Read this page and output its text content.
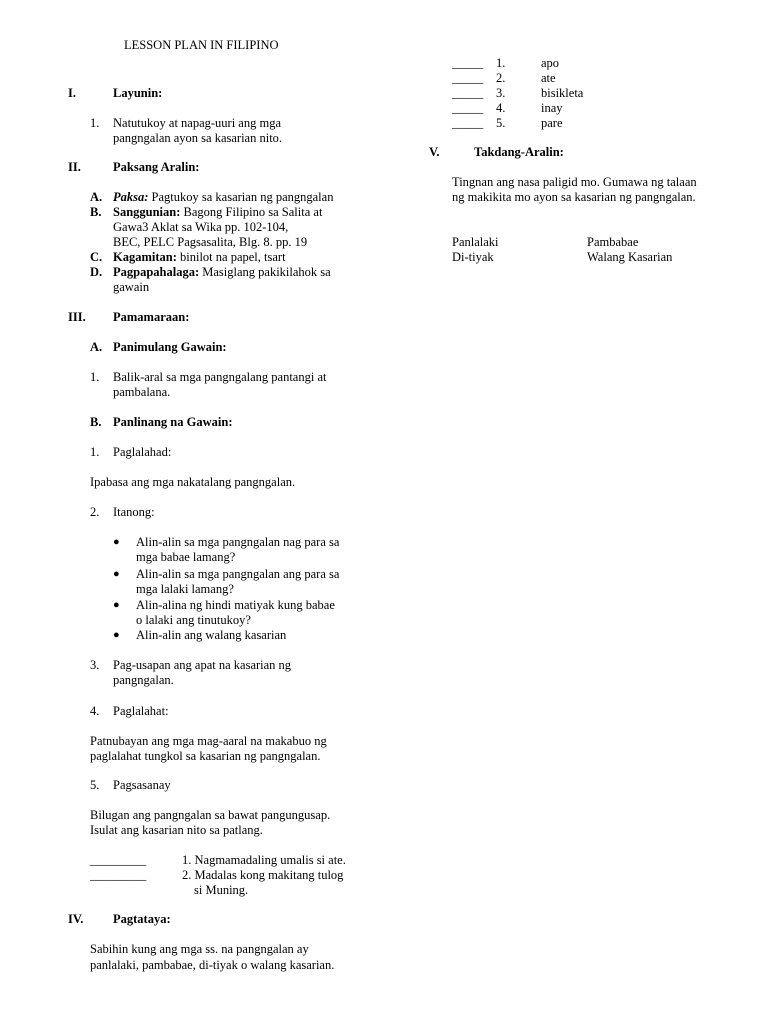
LESSON PLAN IN FILIPINO
I.	Layunin:
1. Natutukoy at napag-uuri ang mga
pangngalan ayon sa kasarian nito.
II.	Paksang Aralin:
A. Paksa: Pagtukoy sa kasarian ng pangngalan
B. Sanggunian: Bagong Filipino sa Salita at
Gawa3 Aklat sa Wika pp. 102-104,
BEC, PELC Pagsasalita, Blg. 8. pp. 19
C. Kagamitan: binilot na papel, tsart
D. Pagpapahalaga: Masiglang pakikilahok sa
gawain
III. Pamamaraan:
A. Panimulang Gawain:
1. Balik-aral sa mga pangngalang pantangi at
pambalana.
B. Panlinang na Gawain:
1. Paglalahad:
Ipabasa ang mga nakatalang pangngalan.
2. Itanong:
● Alin-alin sa mga pangngalan nag para sa
mga babae lamang?
● Alin-alin sa mga pangngalan ang para sa
mga lalaki lamang?
● Alin-alina ng hindi matiyak kung babae
o lalaki ang tinutukoy?
● Alin-alin ang walang kasarian
3. Pag-usapan ang apat na kasarian ng
pangngalan.
4. Paglalahat:
Patnubayan ang mga mag-aaral na makabuo ng
paglalahat tungkol sa kasarian ng pangngalan.
5. Pagsasanay
Bilugan ang pangngalan sa bawat pangungusap.
Isulat ang kasarian nito sa patlang.
_________	1. Nagmamadaling umalis si ate.
_________	2. Madalas kong makitang tulog
si Muning.
IV. Pagtataya:
Sabihin kung ang mga ss. na pangngalan ay
panlalaki, pambabae, di-tiyak o walang kasarian.
_____ 1.	apo
_____ 2.	ate
_____ 3.	bisikleta
_____ 4.	inay
_____ 5.	pare
V.	Takdang-Aralin:
Tingnan ang nasa paligid mo. Gumawa ng talaan
ng makikita mo ayon sa kasarian ng pangngalan.
Panlalaki	Pambabae
Di-tiyak	Walang Kasarian
